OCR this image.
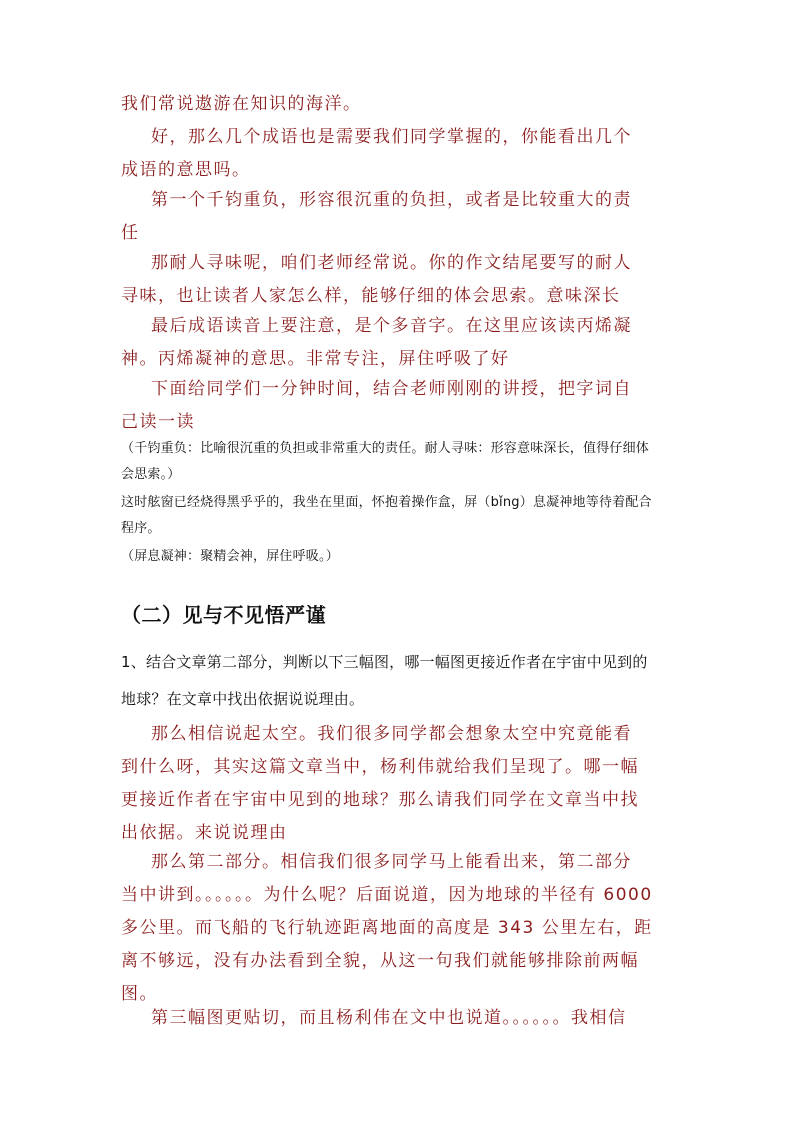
我们常说遨游在知识的海洋。
好，那么几个成语也是需要我们同学掌握的，你能看出几个
成语的意思吗。
第一个千钧重负，形容很沉重的负担，或者是比较重大的责
任
那耐人寻味呢，咱们老师经常说。你的作文结尾要写的耐人
寻味，也让读者人家怎么样，能够仔细的体会思索。意味深长
最后成语读音上要注意，是个多音字。在这里应该读丙烯凝
神。丙烯凝神的意思。非常专注，屏住呼吸了好
下面给同学们一分钟时间，结合老师刚刚的讲授，把字词自
己读一读
（千钧重负：比喻很沉重的负担或非常重大的责任。耐人寻味：形容意味深长，值得仔细体
会思索。）
这时舷窗已经烧得黑乎乎的，我坐在里面，怀抱着操作盒，屏（bǐng）息凝神地等待着配合
程序。
（屏息凝神：聚精会神，屏住呼吸。）
（二）见与不见悟严谨
1、结合文章第二部分，判断以下三幅图，哪一幅图更接近作者在宇宙中见到的
地球？在文章中找出依据说说理由。
那么相信说起太空。我们很多同学都会想象太空中究竟能看
到什么呀，其实这篇文章当中，杨利伟就给我们呈现了。哪一幅
更接近作者在宇宙中见到的地球？那么请我们同学在文章当中找
出依据。来说说理由
那么第二部分。相信我们很多同学马上能看出来，第二部分
当中讲到。。。。。。为什么呢？后面说道，因为地球的半径有 6000
多公里。而飞船的飞行轨迹距离地面的高度是 343 公里左右，距
离不够远，没有办法看到全貌，从这一句我们就能够排除前两幅
图。
第三幅图更贴切，而且杨利伟在文中也说道。。。。。。我相信
